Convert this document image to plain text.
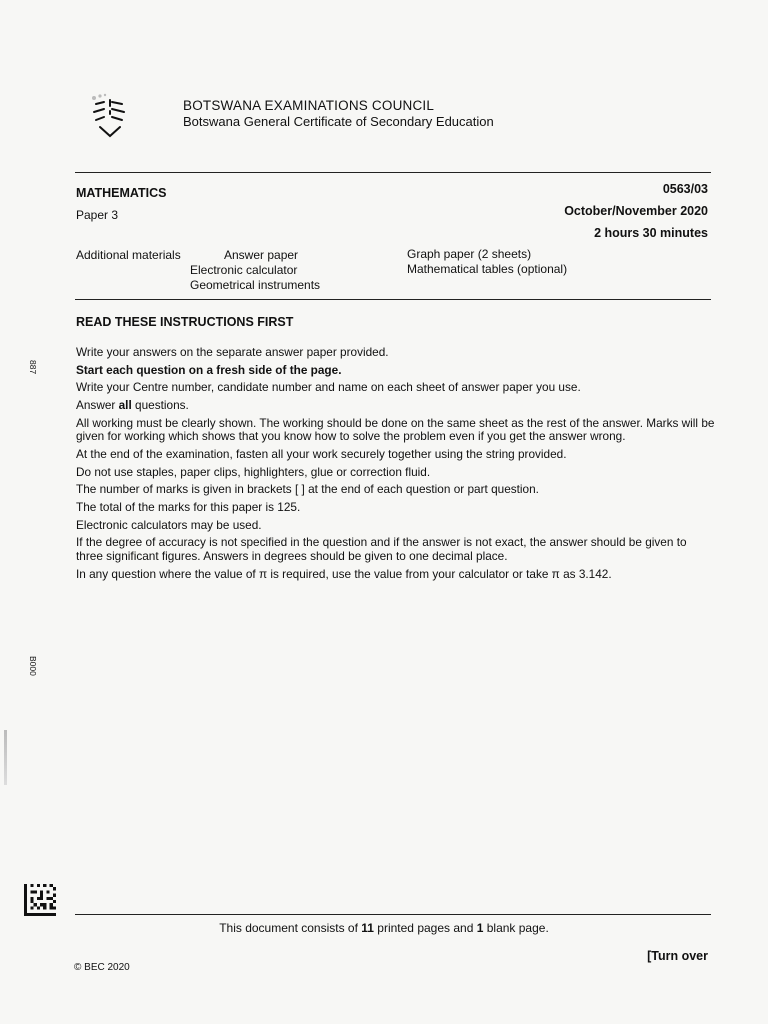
BOTSWANA EXAMINATIONS COUNCIL
Botswana General Certificate of Secondary Education
MATHEMATICS
Paper 3
0563/03
October/November 2020
2 hours 30 minutes
Additional materials	Answer paper
Electronic calculator
Geometrical instruments
Graph paper (2 sheets)
Mathematical tables (optional)
READ THESE INSTRUCTIONS FIRST

Write your answers on the separate answer paper provided.

Start each question on a fresh side of the page.

Write your Centre number, candidate number and name on each sheet of answer paper you use.

Answer all questions.

All working must be clearly shown. The working should be done on the same sheet as the rest of the answer. Marks will be given for working which shows that you know how to solve the problem even if you get the answer wrong.

At the end of the examination, fasten all your work securely together using the string provided.

Do not use staples, paper clips, highlighters, glue or correction fluid.

The number of marks is given in brackets [ ] at the end of each question or part question.

The total of the marks for this paper is 125.

Electronic calculators may be used.

If the degree of accuracy is not specified in the question and if the answer is not exact, the answer should be given to three significant figures. Answers in degrees should be given to one decimal place.

In any question where the value of π is required, use the value from your calculator or take π as 3.142.

887
B000
This document consists of 11 printed pages and 1 blank page.
[Turn over
© BEC 2020
